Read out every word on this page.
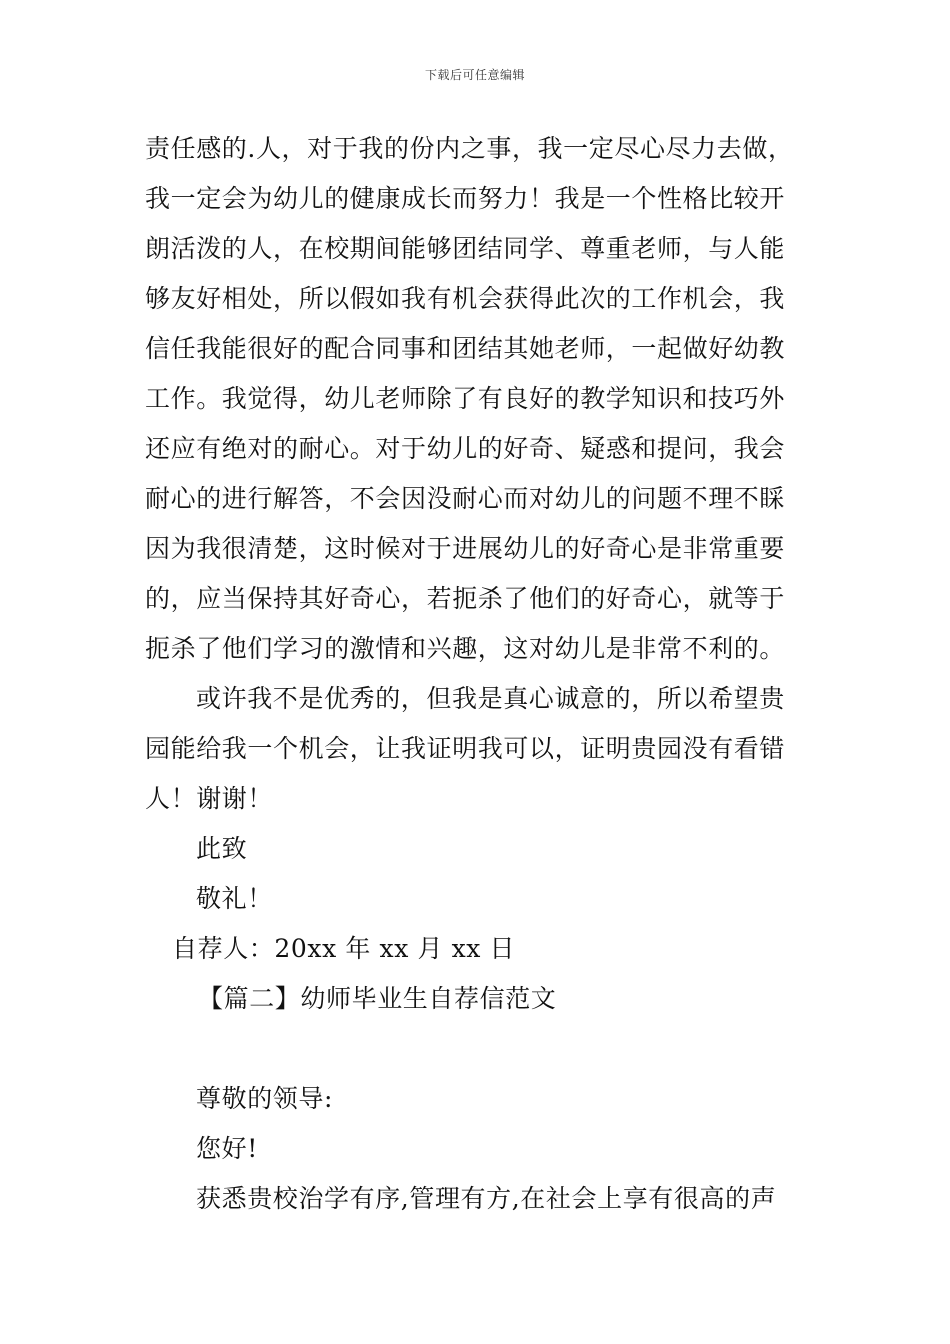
下载后可任意编辑
责任感的.人，对于我的份内之事，我一定尽心尽力去做，
我一定会为幼儿的健康成长而努力！我是一个性格比较开
朗活泼的人，在校期间能够团结同学、尊重老师，与人能
够友好相处，所以假如我有机会获得此次的工作机会，我
信任我能很好的配合同事和团结其她老师，一起做好幼教
工作。我觉得，幼儿老师除了有良好的教学知识和技巧外
还应有绝对的耐心。对于幼儿的好奇、疑惑和提问，我会
耐心的进行解答，不会因没耐心而对幼儿的问题不理不睬
因为我很清楚，这时候对于进展幼儿的好奇心是非常重要
的，应当保持其好奇心，若扼杀了他们的好奇心，就等于
扼杀了他们学习的激情和兴趣，这对幼儿是非常不利的。
或许我不是优秀的，但我是真心诚意的，所以希望贵
园能给我一个机会，让我证明我可以，证明贵园没有看错
人！谢谢！
此致
敬礼！
自荐人：20xx 年 xx 月 xx 日
【篇二】幼师毕业生自荐信范文
尊敬的领导:
您好!
获悉贵校治学有序,管理有方,在社会上享有很高的声
